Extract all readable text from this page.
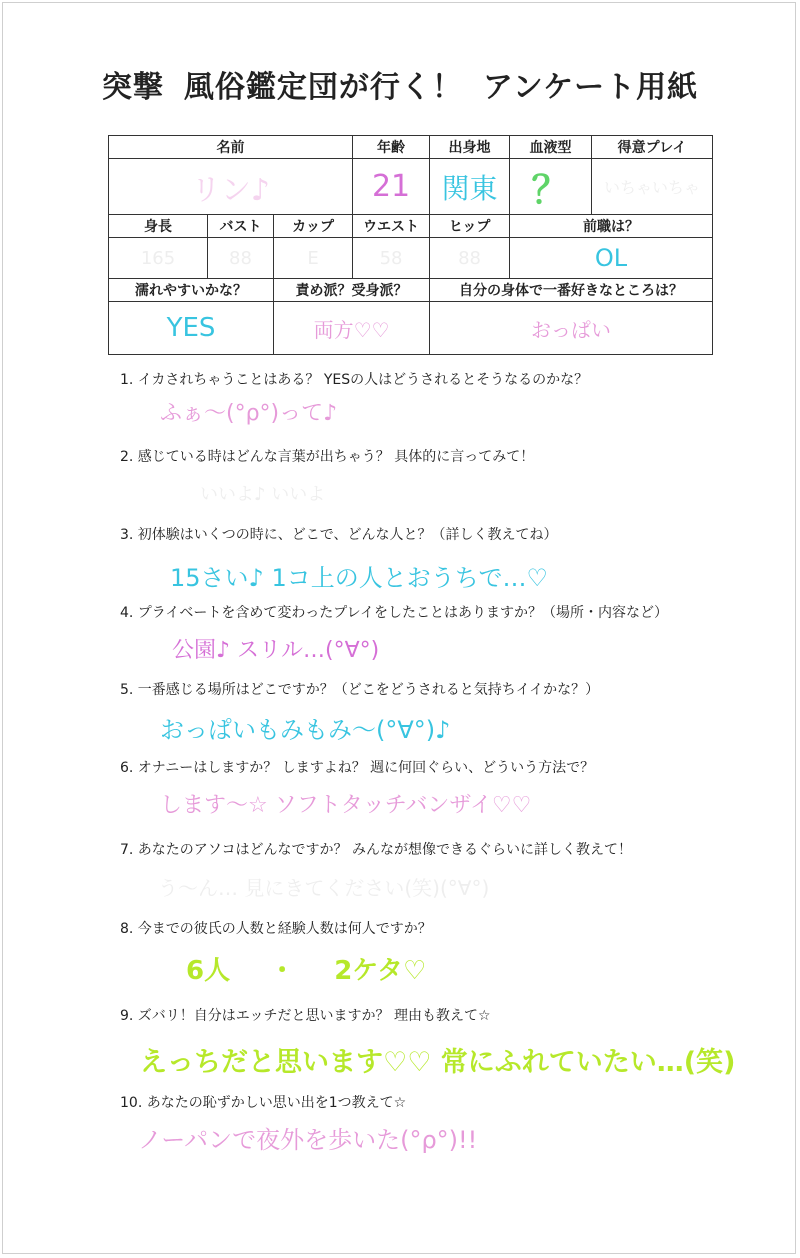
突撃 風俗鑑定団が行く！ アンケート用紙
名前			年齢	出身地	血液型	得意プレイ
リン♪			21	関東	？	いちゃいちゃ
身長	バスト	カップ	ウエスト	ヒップ	前職は？	
165	88	E	58	88	OL	
濡れやすいかな？		責め派？受身派？		自分の身体で一番好きなところは？		
YES		両方♡♡		おっぱい		
1. イカされちゃうことはある？ YESの人はどうされるとそうなるのかな？
ふぁ～(°ρ°)って♪
2. 感じている時はどんな言葉が出ちゃう？ 具体的に言ってみて！
いいよ♪ いいよ
3. 初体験はいくつの時に、どこで、どんな人と？（詳しく教えてね）
15さい♪ 1コ上の人とおうちで…♡
4. プライベートを含めて変わったプレイをしたことはありますか？（場所・内容など）
公園♪ スリル…(°∀°)
5. 一番感じる場所はどこですか？（どこをどうされると気持ちイイかな？）
おっぱいもみもみ～(°∀°)♪
6. オナニーはしますか？ しますよね？ 週に何回ぐらい、どういう方法で？
します～☆ ソフトタッチバンザイ♡♡
7. あなたのアソコはどんなですか？ みんなが想像できるぐらいに詳しく教えて！
う～ん… 見にきてください(笑)(°∀°)
8. 今までの彼氏の人数と経験人数は何人ですか？
6人 ・ 2ケタ♡
9. ズバリ！自分はエッチだと思いますか？ 理由も教えて☆
えっちだと思います♡♡ 常にふれていたい…(笑)
10. あなたの恥ずかしい思い出を1つ教えて☆
ノーパンで夜外を歩いた(°ρ°)!!
